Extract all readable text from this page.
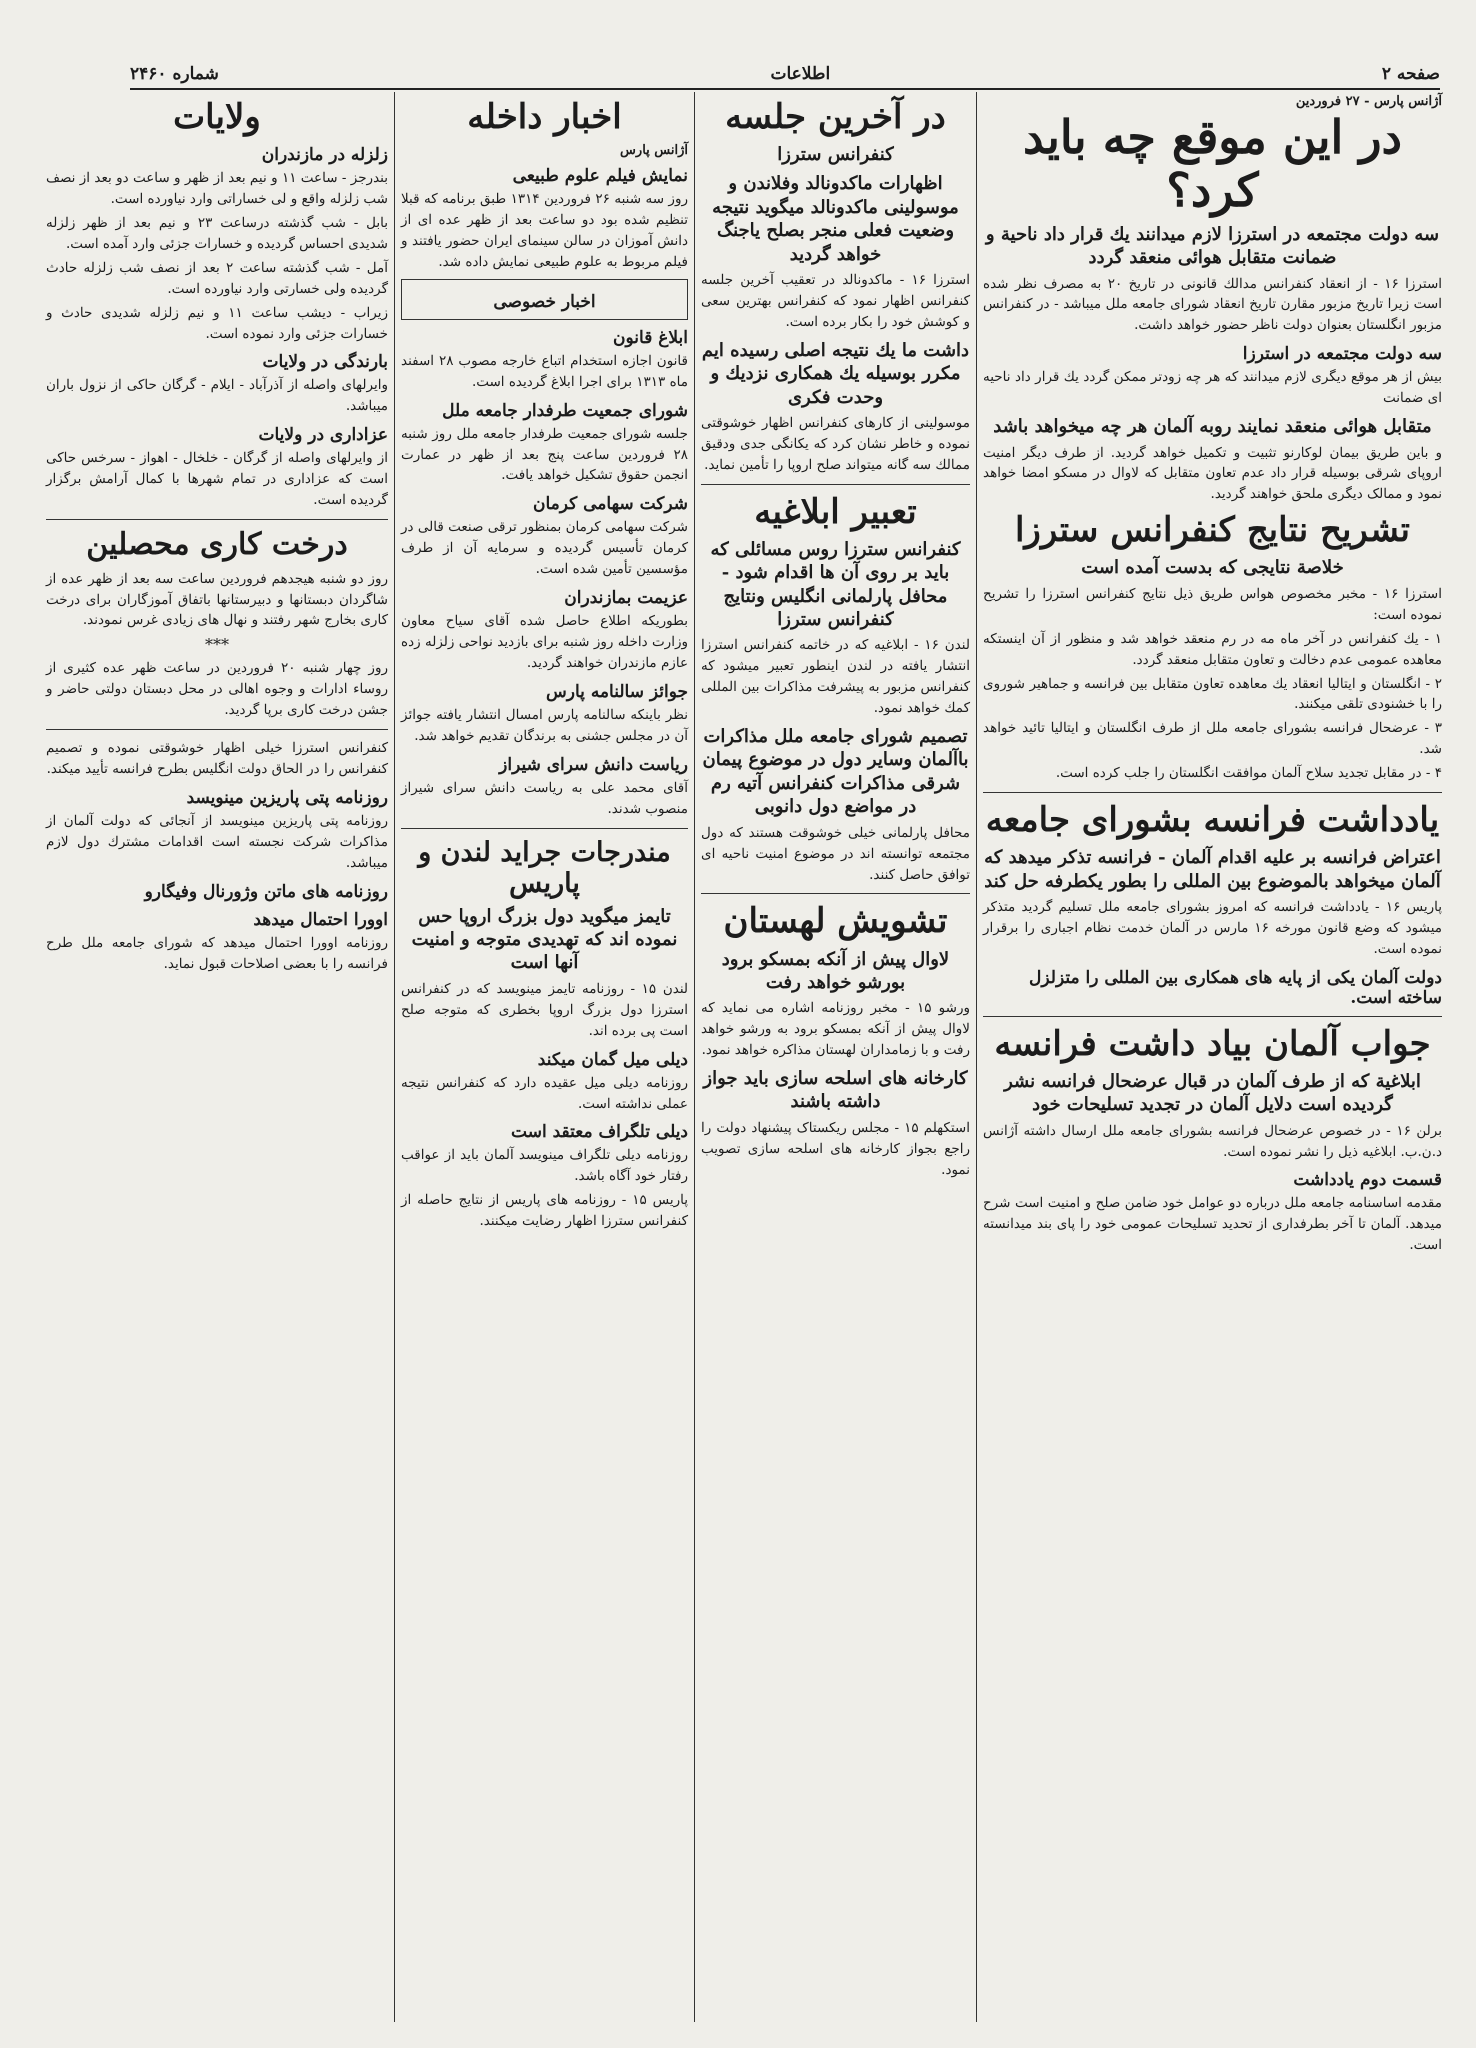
صفحه ۲
اطلاعات
شماره ۲۴۶۰
آژانس پارس - ۲۷ فروردین
در این موقع چه باید کرد؟
سه دولت مجتمعه در استرزا لازم میدانند یك قرار داد ناحیة و ضمانت متقابل هوائی منعقد گردد

استرزا ۱۶ - از انعقاد کنفرانس مدالك قانونی در تاریخ ۲۰ به مصرف نظر شده است زیرا تاریخ مزبور مقارن تاریخ انعقاد شورای جامعه ملل میباشد - در کنفرانس مزبور انگلستان بعنوان دولت ناظر حضور خواهد داشت.

سه دولت مجتمعه در استرزا

بیش از هر موقع دیگری لازم میدانند که هر چه زودتر ممکن گردد یك قرار داد ناحیه ای ضمانت

متقابل هوائی منعقد نمایند روبه آلمان هر چه میخواهد باشد

و باین طریق بیمان لوکارنو تثبیت و تکمیل خواهد گردید. از طرف دیگر امنیت اروپای شرقی بوسیله قرار داد عدم تعاون متقابل که لاوال در مسکو امضا خواهد نمود و ممالک دیگری ملحق خواهند گردید.

تشریح نتایج کنفرانس سترزا
خلاصة نتایجی که بدست آمده است

استرزا ۱۶ - مخبر مخصوص هواس طریق ذیل نتایج کنفرانس استرزا را تشریح نموده است:

۱ - یك کنفرانس در آخر ماه مه در رم منعقد خواهد شد و منظور از آن اینستکه معاهده عمومی عدم دخالت و تعاون متقابل منعقد گردد.

۲ - انگلستان و ایتالیا انعقاد یك معاهده تعاون متقابل بین فرانسه و جماهیر شوروی را با خشنودی تلقی میکنند.

۳ - عرضحال فرانسه بشورای جامعه ملل از طرف انگلستان و ایتالیا تائید خواهد شد.

۴ - در مقابل تجدید سلاح آلمان موافقت انگلستان را جلب کرده است.

یادداشت فرانسه بشورای جامعه
اعتراض فرانسه بر علیه اقدام آلمان - فرانسه تذکر میدهد که آلمان میخواهد بالموضوع بین المللی را بطور یکطرفه حل کند

پاریس ۱۶ - یادداشت فرانسه که امروز بشورای جامعه ملل تسلیم گردید متذکر میشود که وضع قانون مورخه ۱۶ مارس در آلمان خدمت نظام اجباری را برقرار نموده است.

دولت آلمان یکی از پایه های همکاری بین المللی را متزلزل ساخته است.
جواب آلمان بیاد داشت فرانسه
ابلاغیة که از طرف آلمان در قبال عرضحال فرانسه نشر گردیده است دلایل آلمان در تجدید تسلیحات خود

برلن ۱۶ - در خصوص عرضحال فرانسه بشورای جامعه ملل ارسال داشته آژانس د.ن.ب. ابلاغیه ذیل را نشر نموده است.

قسمت دوم یادداشت

مقدمه اساسنامه جامعه ملل درباره دو عوامل خود ضامن صلح و امنیت است شرح میدهد. آلمان تا آخر بطرفداری از تحدید تسلیحات عمومی خود را پای بند میدانسته است.

در آخرین جلسه
کنفرانس سترزا
اظهارات ماکدونالد وفلاندن و موسولینی ماکدونالد میگوید نتیجه وضعیت فعلی منجر بصلح یاجنگ خواهد گردید

استرزا ۱۶ - ماکدونالد در تعقیب آخرین جلسه کنفرانس اظهار نمود که کنفرانس بهترین سعی و کوشش خود را بکار برده است.

داشت ما یك نتیجه اصلی رسیده ایم مکرر بوسیله یك همکاری نزدیك و وحدت فکری

موسولینی از کارهای کنفرانس اظهار خوشوقتی نموده و خاطر نشان کرد که یکانگی جدی ودقیق ممالك سه گانه میتواند صلح اروپا را تأمین نماید.

تعبیر ابلاغیه
کنفرانس سترزا روس مسائلی که باید بر روی آن ها اقدام شود - محافل پارلمانی انگلیس ونتایج کنفرانس سترزا

لندن ۱۶ - ابلاغیه که در خاتمه کنفرانس استرزا انتشار یافته در لندن اینطور تعبیر میشود که کنفرانس مزبور به پیشرفت مذاکرات بین المللی کمك خواهد نمود.

تصمیم شورای جامعه ملل مذاکرات باآلمان وسایر دول در موضوع پیمان شرقی مذاکرات کنفرانس آتیه رم در مواضع دول دانوبی

محافل پارلمانی خیلی خوشوقت هستند که دول مجتمعه توانسته اند در موضوع امنیت ناحیه ای توافق حاصل کنند.

تشویش لهستان
لاوال پیش از آنکه بمسکو برود بورشو خواهد رفت

ورشو ۱۵ - مخبر روزنامه اشاره می نماید که لاوال پیش از آنکه بمسکو برود به ورشو خواهد رفت و با زمامداران لهستان مذاکره خواهد نمود.

کارخانه های اسلحه سازی باید جواز داشته باشند

استکهلم ۱۵ - مجلس ریکستاک پیشنهاد دولت را راجع بجواز کارخانه های اسلحه سازی تصویب نمود.

اخبار داخله
آژانس پارس
نمایش فیلم علوم طبیعی

روز سه شنبه ۲۶ فروردین ۱۳۱۴ طبق برنامه که قبلا تنظیم شده بود دو ساعت بعد از ظهر عده ای از دانش آموزان در سالن سینمای ایران حضور یافتند و فیلم مربوط به علوم طبیعی نمایش داده شد.

اخبار خصوصی
ابلاغ قانون

قانون اجازه استخدام اتباع خارجه مصوب ۲۸ اسفند ماه ۱۳۱۳ برای اجرا ابلاغ گردیده است.

شورای جمعیت طرفدار جامعه ملل

جلسه شورای جمعیت طرفدار جامعه ملل روز شنبه ۲۸ فروردین ساعت پنج بعد از ظهر در عمارت انجمن حقوق تشکیل خواهد یافت.

شرکت سهامی کرمان

شرکت سهامی کرمان بمنظور ترقی صنعت قالی در کرمان تأسیس گردیده و سرمایه آن از طرف مؤسسین تأمین شده است.

عزیمت بمازندران

بطوریکه اطلاع حاصل شده آقای سیاح معاون وزارت داخله روز شنبه برای بازدید نواحی زلزله زده عازم مازندران خواهند گردید.

جوائز سالنامه پارس

نظر باینکه سالنامه پارس امسال انتشار یافته جوائز آن در مجلس جشنی به برندگان تقدیم خواهد شد.

ریاست دانش سرای شیراز

آقای محمد علی به ریاست دانش سرای شیراز منصوب شدند.

مندرجات جراید لندن و پاریس
تایمز میگوید دول بزرگ اروپا حس نموده اند که تهدیدی متوجه و امنیت آنها است

لندن ۱۵ - روزنامه تایمز مینویسد که در کنفرانس استرزا دول بزرگ اروپا بخطری که متوجه صلح است پی برده اند.

دیلی میل گمان میکند

روزنامه دیلی میل عقیده دارد که کنفرانس نتیجه عملی نداشته است.

دیلی تلگراف معتقد است

روزنامه دیلی تلگراف مینویسد آلمان باید از عواقب رفتار خود آگاه باشد.

پاریس ۱۵ - روزنامه های پاریس از نتایج حاصله از کنفرانس سترزا اظهار رضایت میکنند.

ولایات
زلزله در مازندران

بندرجز - ساعت ۱۱ و نیم بعد از ظهر و ساعت دو بعد از نصف شب زلزله واقع و لی خساراتی وارد نیاورده است.

بابل - شب گذشته درساعت ۲۳ و نیم بعد از ظهر زلزله شدیدی احساس گردیده و خسارات جزئی وارد آمده است.

آمل - شب گذشته ساعت ۲ بعد از نصف شب زلزله حادث گردیده ولی خسارتی وارد نیاورده است.

زیراب - دیشب ساعت ۱۱ و نیم زلزله شدیدی حادث و خسارات جزئی وارد نموده است.

بارندگی در ولایات

وایرلهای واصله از آذرآباد - ایلام - گرگان حاکی از نزول باران میباشد.

عزاداری در ولایات

از وایرلهای واصله از گرگان - خلخال - اهواز - سرخس حاکی است که عزاداری در تمام شهرها با کمال آرامش برگزار گردیده است.

درخت کاری محصلین

روز دو شنبه هیجدهم فروردین ساعت سه بعد از ظهر عده از شاگردان دبستانها و دبیرستانها باتفاق آموزگاران برای درخت کاری بخارج شهر رفتند و نهال های زیادی غرس نمودند.

***

روز چهار شنبه ۲۰ فروردین در ساعت ظهر عده کثیری از روساء ادارات و وجوه اهالی در محل دبستان دولتی حاضر و جشن درخت کاری برپا گردید.

کنفرانس استرزا خیلی اظهار خوشوقتی نموده و تصمیم کنفرانس را در الحاق دولت انگلیس بطرح فرانسه تأیید میکند.

روزنامه پتی پاریزین مینویسد

روزنامه پتی پاریزین مینویسد از آنجائی که دولت آلمان از مذاکرات شرکت نجسته است اقدامات مشترك دول لازم میباشد.

روزنامه های ماتن وژورنال وفیگارو
اوورا احتمال میدهد

روزنامه اوورا احتمال میدهد که شورای جامعه ملل طرح فرانسه را با بعضی اصلاحات قبول نماید.
